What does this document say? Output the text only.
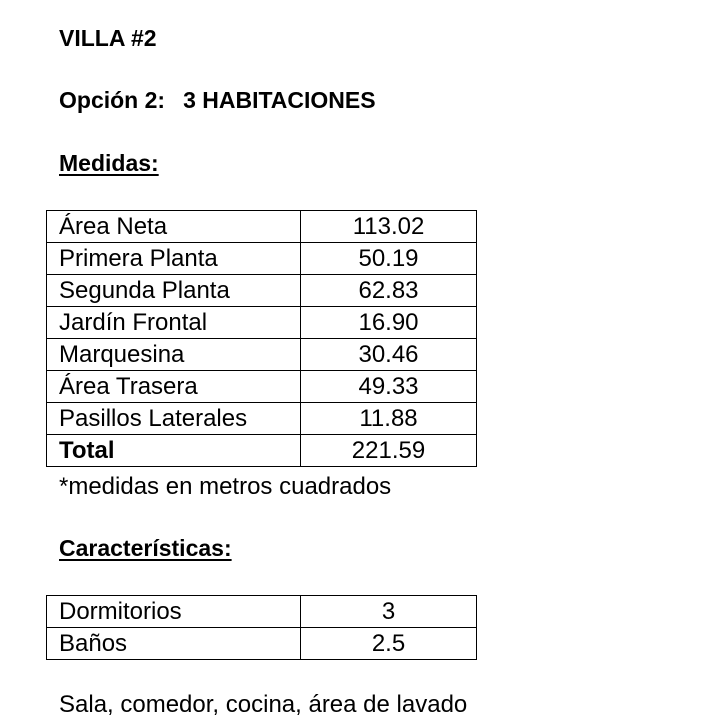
VILLA #2
Opción 2: 3 HABITACIONES
Medidas:
Área Neta	113.02
Primera Planta	50.19
Segunda Planta	62.83
Jardín Frontal	16.90
Marquesina	30.46
Área Trasera	49.33
Pasillos Laterales	11.88
Total	221.59

*medidas en metros cuadrados

Características:
Dormitorios	3
Baños	2.5

Sala, comedor, cocina, área de lavado
